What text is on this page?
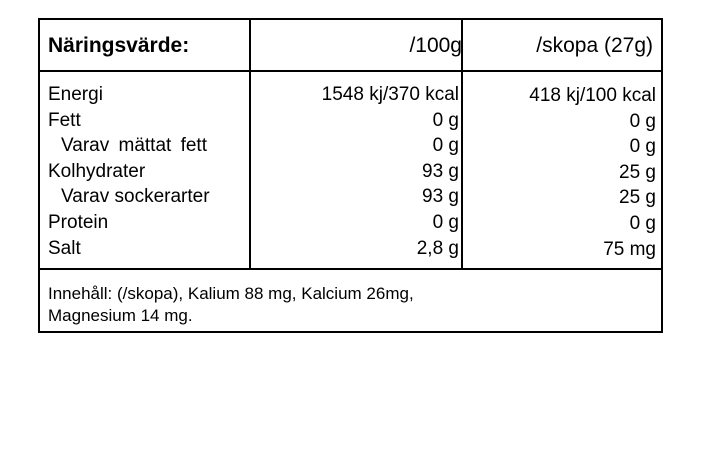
Näringsvärde:	/100g	/skopa (27g)
Energi
Fett
Varav mättat fett
Kolhydrater
Varav sockerarter
Protein
Salt
1548 kj/370 kcal
0 g
0 g
93 g
93 g
0 g
2,8 g
418 kj/100 kcal
0 g
0 g
25 g
25 g
0 g
75 mg
Innehåll: (/skopa), Kalium 88 mg, Kalcium 26mg,
Magnesium 14 mg.
